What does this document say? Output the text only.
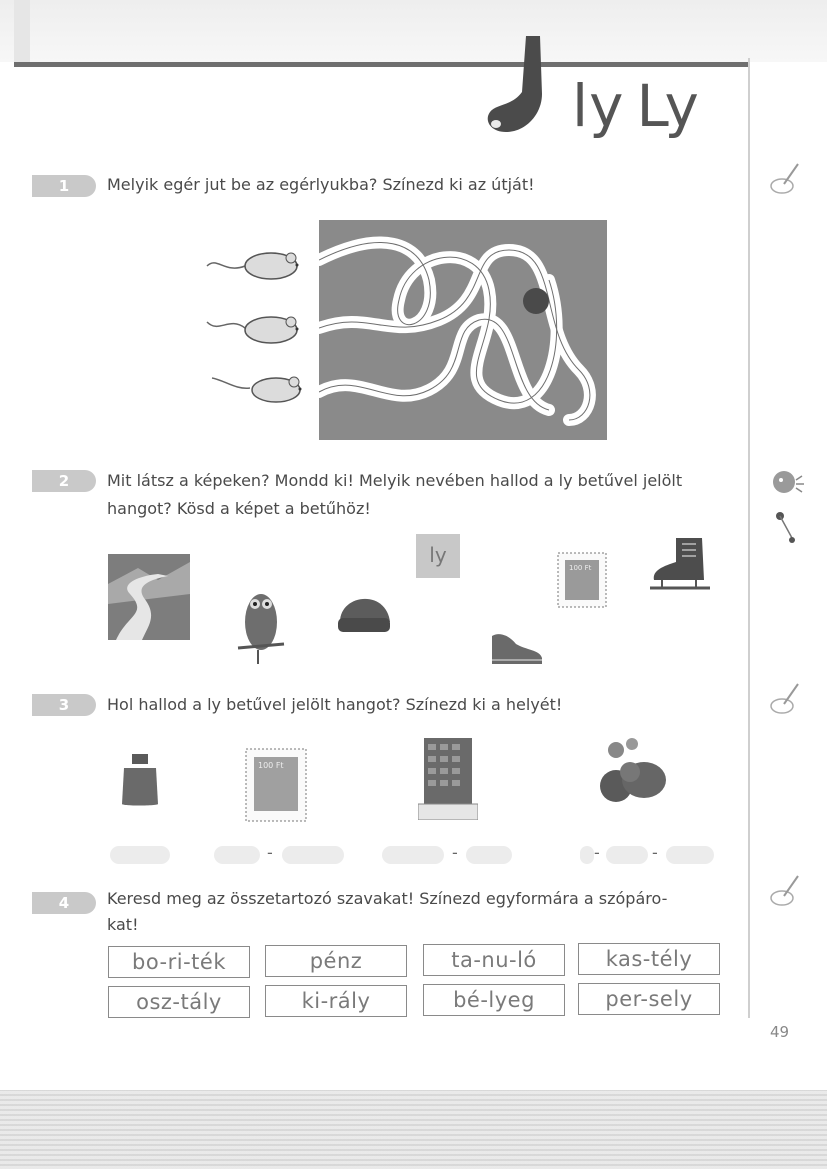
ly Ly
1	Melyik egér jut be az egérlyukba? Színezd ki az útját!
2	Mit látsz a képeken? Mondd ki! Melyik nevében hallod a ly betűvel jelölt
hangot? Kösd a képet a betűhöz!
ly
100 Ft
3	Hol hallod a ly betűvel jelölt hangot? Színezd ki a helyét!
100 Ft
-	-	-	-
4	Keresd meg az összetartozó szavakat! Színezd egyformára a szópáro-
kat!
bo-ri-ték	pénz	ta-nu-ló	kas-tély
osz-tály	ki-rály	bé-lyeg	per-sely
49
